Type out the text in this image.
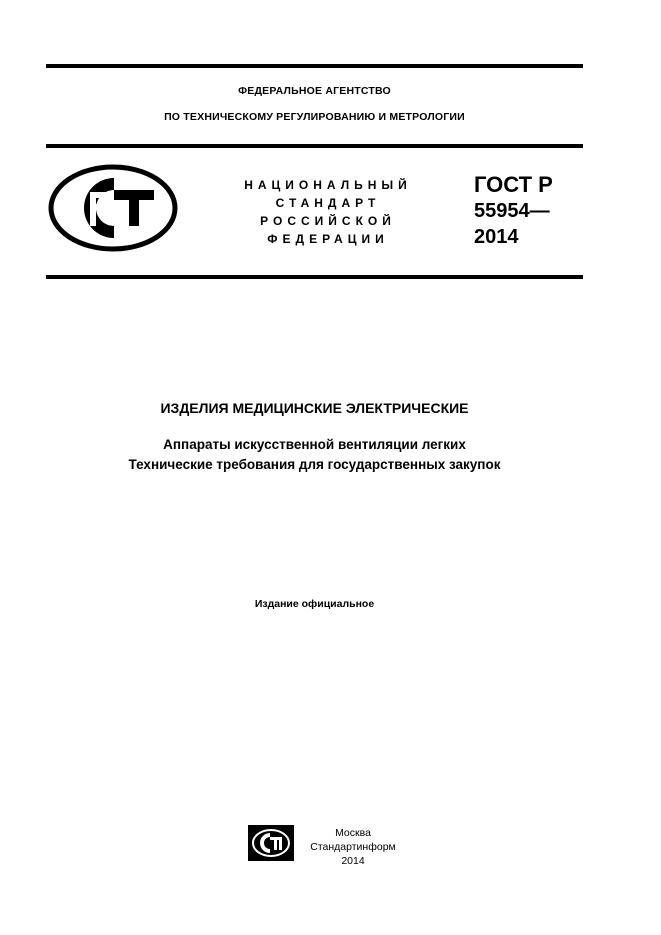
ФЕДЕРАЛЬНОЕ АГЕНТСТВО
ПО ТЕХНИЧЕСКОМУ РЕГУЛИРОВАНИЮ И МЕТРОЛОГИИ
НАЦИОНАЛЬНЫЙ
СТАНДАРТ
РОССИЙСКОЙ
ФЕДЕРАЦИИ
ГОСТ Р
55954—
2014
ИЗДЕЛИЯ МЕДИЦИНСКИЕ ЭЛЕКТРИЧЕСКИЕ
Аппараты искусственной вентиляции легких
Технические требования для государственных закупок
Издание официальное
Москва
Стандартинформ
2014
